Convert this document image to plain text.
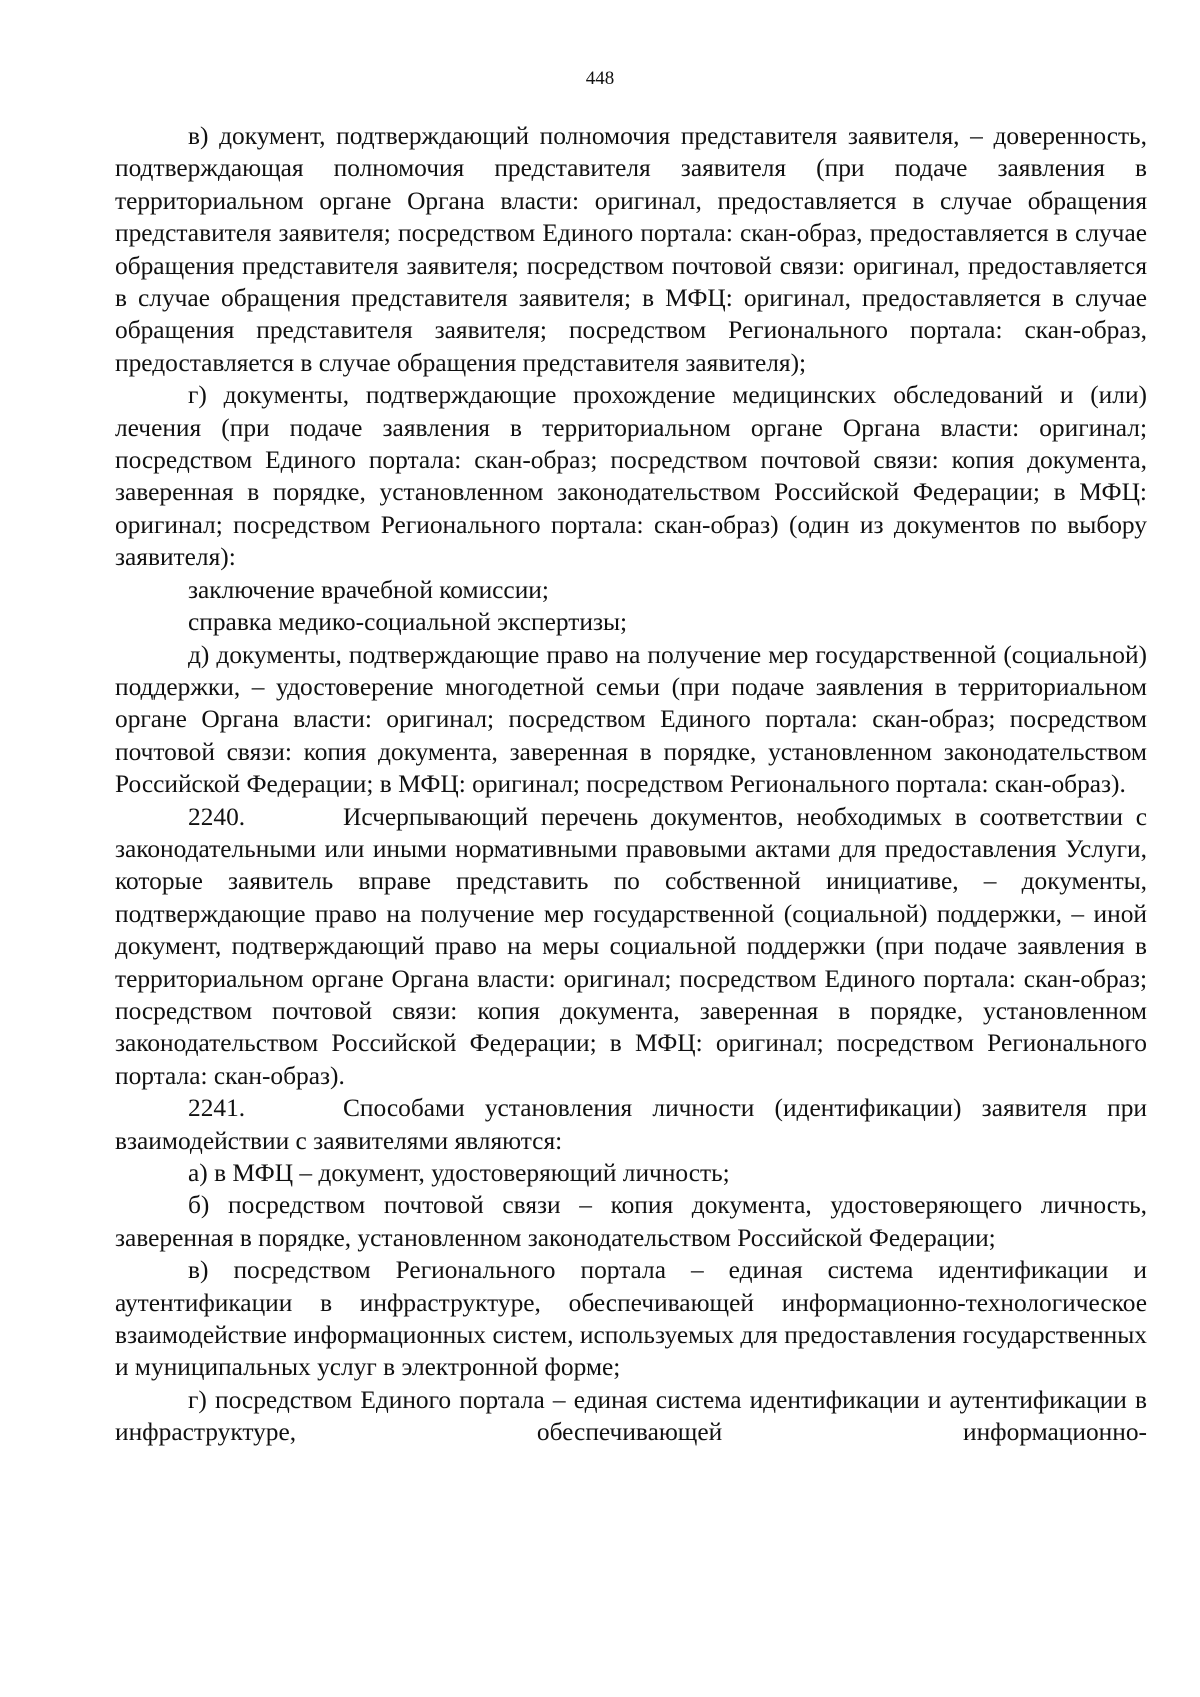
448

в) документ, подтверждающий полномочия представителя заявителя, – доверенность, подтверждающая полномочия представителя заявителя (при подаче заявления в территориальном органе Органа власти: оригинал, предоставляется в случае обращения представителя заявителя; посредством Единого портала: скан-образ, предоставляется в случае обращения представителя заявителя; посредством почтовой связи: оригинал, предоставляется в случае обращения представителя заявителя; в МФЦ: оригинал, предоставляется в случае обращения представителя заявителя; посредством Регионального портала: скан-образ, предоставляется в случае обращения представителя заявителя);

г) документы, подтверждающие прохождение медицинских обследований и (или) лечения (при подаче заявления в территориальном органе Органа власти: оригинал; посредством Единого портала: скан-образ; посредством почтовой связи: копия документа, заверенная в порядке, установленном законодательством Российской Федерации; в МФЦ: оригинал; посредством Регионального портала: скан-образ) (один из документов по выбору заявителя):

заключение врачебной комиссии;

справка медико-социальной экспертизы;

д) документы, подтверждающие право на получение мер государственной (социальной) поддержки, – удостоверение многодетной семьи (при подаче заявления в территориальном органе Органа власти: оригинал; посредством Единого портала: скан-образ; посредством почтовой связи: копия документа, заверенная в порядке, установленном законодательством Российской Федерации; в МФЦ: оригинал; посредством Регионального портала: скан-образ).

2240.	Исчерпывающий перечень документов, необходимых в соответствии с законодательными или иными нормативными правовыми актами для предоставления Услуги, которые заявитель вправе представить по собственной инициативе, – документы, подтверждающие право на получение мер государственной (социальной) поддержки, – иной документ, подтверждающий право на меры социальной поддержки (при подаче заявления в территориальном органе Органа власти: оригинал; посредством Единого портала: скан-образ; посредством почтовой связи: копия документа, заверенная в порядке, установленном законодательством Российской Федерации; в МФЦ: оригинал; посредством Регионального портала: скан-образ).

2241.	Способами установления личности (идентификации) заявителя при взаимодействии с заявителями являются:

а) в МФЦ – документ, удостоверяющий личность;

б) посредством почтовой связи – копия документа, удостоверяющего личность, заверенная в порядке, установленном законодательством Российской Федерации;

в) посредством Регионального портала – единая система идентификации и аутентификации в инфраструктуре, обеспечивающей информационно-технологическое взаимодействие информационных систем, используемых для предоставления государственных и муниципальных услуг в электронной форме;

г) посредством Единого портала – единая система идентификации и аутентификации в инфраструктуре, обеспечивающей информационно-
